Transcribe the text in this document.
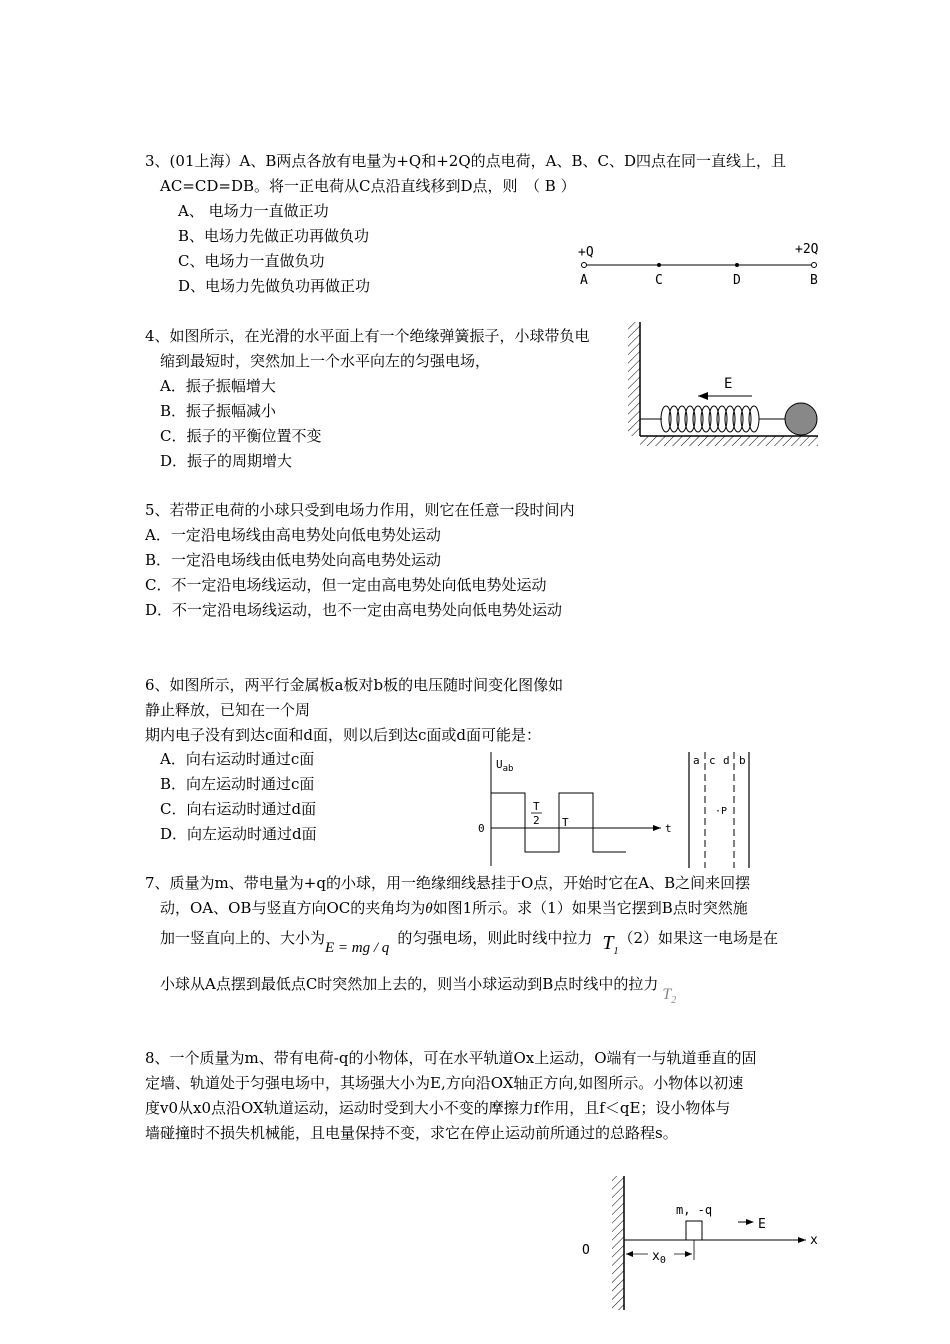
3、(01上海）A、B两点各放有电量为+Q和+2Q的点电荷，A、B、C、D四点在同一直线上，且
AC=CD=DB。将一正电荷从C点沿直线移到D点，则　（ B ）
A、 电场力一直做正功
B、电场力先做正功再做负功
C、电场力一直做负功
D、电场力先做负功再做正功
+Q	+2Q
A	C	D	B
4、如图所示，在光滑的水平面上有一个绝缘弹簧振子，小球带负电
缩到最短时，突然加上一个水平向左的匀强电场，
A．振子振幅增大
B．振子振幅减小
C．振子的平衡位置不变
D．振子的周期增大
E
5、若带正电荷的小球只受到电场力作用，则它在任意一段时间内
A．一定沿电场线由高电势处向低电势处运动
B．一定沿电场线由低电势处向高电势处运动
C．不一定沿电场线运动，但一定由高电势处向低电势处运动
D．不一定沿电场线运动，也不一定由高电势处向低电势处运动
6、如图所示，两平行金属板a板对b板的电压随时间变化图像如
静止释放，已知在一个周
期内电子没有到达c面和d面，则以后到达c面或d面可能是：
A．向右运动时通过c面
B．向左运动时通过c面
C．向右运动时通过d面
D．向左运动时通过d面
$U_{ab}$
0
T
2 T	t
a c d b
·P
7、质量为m、带电量为+q的小球，用一绝缘细线悬挂于O点，开始时它在A、B之间来回摆
动，OA、OB与竖直方向OC的夹角均为θ如图1所示。求（1）如果当它摆到B点时突然施
加一竖直向上的、大小为E = mg / q的匀强电场，则此时线中拉力 $T_1(2)$如果这一电场是在
小球从A点摆到最低点C时突然加上去的，则当小球运动到B点时线中的拉力$T_2$
8、一个质量为m、带有电荷-q的小物体，可在水平轨道Ox上运动，O端有一与轨道垂直的固
定墙、轨道处于匀强电场中，其场强大小为E,方向沿OX轴正方向,如图所示。小物体以初速
度v0从x0点沿OX轨道运动，运动时受到大小不变的摩擦力f作用，且f＜qE；设小物体与
墙碰撞时不损失机械能，且电量保持不变，求它在停止运动前所通过的总路程s。
O
m, -q
E
$x_0$
x
